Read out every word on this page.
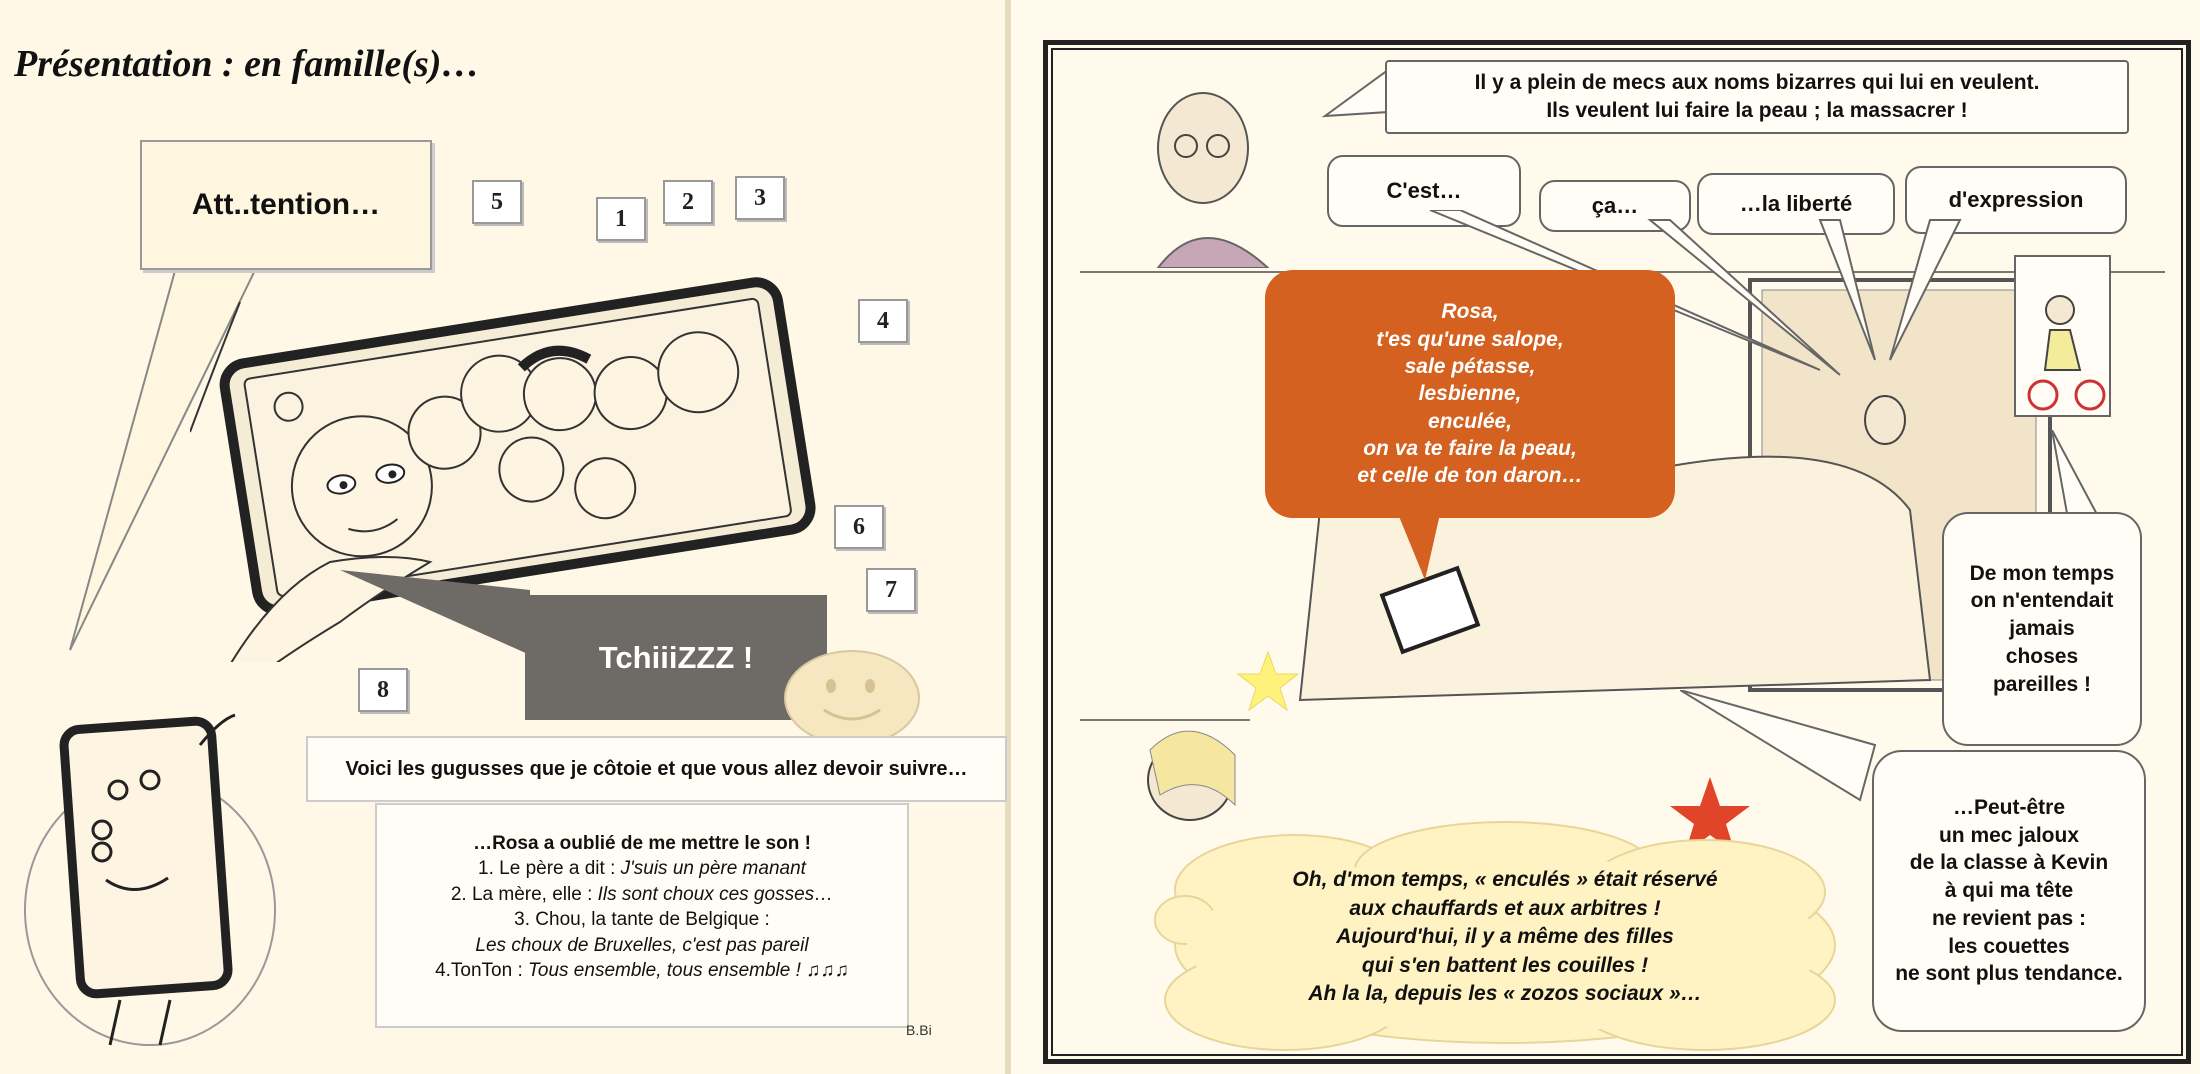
Présentation : en famille(s)…
Att..tention…	5
1
2	3
4
6
7
8
TchiiiZZZ !
Voici les gugusses que je côtoie et que vous allez devoir suivre…
…Rosa a oublié de me mettre le son !
1. Le père a dit : J'suis un père manant
2. La mère, elle : Ils sont choux ces gosses…
3. Chou, la tante de Belgique :
Les choux de Bruxelles, c'est pas pareil
4.TonTon : Tous ensemble, tous ensemble ! ♫♫♫
B.Bi
Il y a plein de mecs aux noms bizarres qui lui en veulent.
Ils veulent lui faire la peau ; la massacrer !
C'est…
ça…	…la liberté	d'expression
Rosa,
t'es qu'une salope,
sale pétasse,
lesbienne,
enculée,
on va te faire la peau,
et celle de ton daron…
De mon temps
on n'entendait
jamais
choses
pareilles !
…Peut-être
un mec jaloux
de la classe à Kevin
à qui ma tête
ne revient pas :
les couettes
ne sont plus tendance.
Oh, d'mon temps, « enculés » était réservé
aux chauffards et aux arbitres !
Aujourd'hui, il y a même des filles
qui s'en battent les couilles !
Ah la la, depuis les « zozos sociaux »…
